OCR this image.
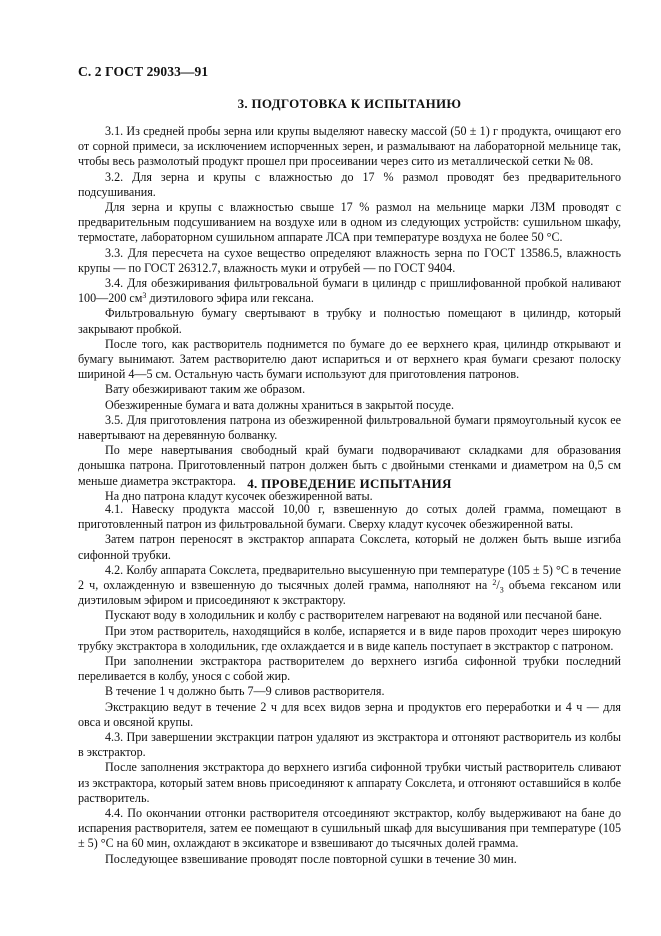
С. 2 ГОСТ 29033—91
3. ПОДГОТОВКА К ИСПЫТАНИЮ

3.1. Из средней пробы зерна или крупы выделяют навеску массой (50 ± 1) г продукта, очищают его от сорной примеси, за исключением испорченных зерен, и размалывают на лабораторной мельнице так, чтобы весь размолотый продукт прошел при просеивании через сито из металлической сетки № 08.

3.2. Для зерна и крупы с влажностью до 17 % размол проводят без предварительного подсушивания.

Для зерна и крупы с влажностью свыше 17 % размол на мельнице марки ЛЗМ проводят с предварительным подсушиванием на воздухе или в одном из следующих устройств: сушильном шкафу, термостате, лабораторном сушильном аппарате ЛСА при температуре воздуха не более 50 °С.

3.3. Для пересчета на сухое вещество определяют влажность зерна по ГОСТ 13586.5, влажность крупы — по ГОСТ 26312.7, влажность муки и отрубей — по ГОСТ 9404.

3.4. Для обезжиривания фильтровальной бумаги в цилиндр с пришлифованной пробкой наливают 100—200 $см^3$ диэтилового эфира или гексана.

Фильтровальную бумагу свертывают в трубку и полностью помещают в цилиндр, который закрывают пробкой.

После того, как растворитель поднимется по бумаге до ее верхнего края, цилиндр открывают и бумагу вынимают. Затем растворителю дают испариться и от верхнего края бумаги срезают полоску шириной 4—5 см. Остальную часть бумаги используют для приготовления патронов.

Вату обезжиривают таким же образом.

Обезжиренные бумага и вата должны храниться в закрытой посуде.

3.5. Для приготовления патрона из обезжиренной фильтровальной бумаги прямоугольный кусок ее навертывают на деревянную болванку.

По мере навертывания свободный край бумаги подворачивают складками для образования донышка патрона. Приготовленный патрон должен быть с двойными стенками и диаметром на 0,5 см меньше диаметра экстрактора.

На дно патрона кладут кусочек обезжиренной ваты.

4. ПРОВЕДЕНИЕ ИСПЫТАНИЯ

4.1. Навеску продукта массой 10,00 г, взвешенную до сотых долей грамма, помещают в приготовленный патрон из фильтровальной бумаги. Сверху кладут кусочек обезжиренной ваты.

Затем патрон переносят в экстрактор аппарата Сокслета, который не должен быть выше изгиба сифонной трубки.

4.2. Колбу аппарата Сокслета, предварительно высушенную при температуре (105 ± 5) °С в течение 2 ч, охлажденную и взвешенную до тысячных долей грамма, наполняют на $^2/_3$ объема гексаном или диэтиловым эфиром и присоединяют к экстрактору.

Пускают воду в холодильник и колбу с растворителем нагревают на водяной или песчаной бане.

При этом растворитель, находящийся в колбе, испаряется и в виде паров проходит через широкую трубку экстрактора в холодильник, где охлаждается и в виде капель поступает в экстрактор с патроном.

При заполнении экстрактора растворителем до верхнего изгиба сифонной трубки последний переливается в колбу, унося с собой жир.

В течение 1 ч должно быть 7—9 сливов растворителя.

Экстракцию ведут в течение 2 ч для всех видов зерна и продуктов его переработки и 4 ч — для овса и овсяной крупы.

4.3. При завершении экстракции патрон удаляют из экстрактора и отгоняют растворитель из колбы в экстрактор.

После заполнения экстрактора до верхнего изгиба сифонной трубки чистый растворитель сливают из экстрактора, который затем вновь присоединяют к аппарату Сокслета, и отгоняют оставшийся в колбе растворитель.

4.4. По окончании отгонки растворителя отсоединяют экстрактор, колбу выдерживают на бане до испарения растворителя, затем ее помещают в сушильный шкаф для высушивания при температуре (105 ± 5) °С на 60 мин, охлаждают в эксикаторе и взвешивают до тысячных долей грамма.

Последующее взвешивание проводят после повторной сушки в течение 30 мин.
